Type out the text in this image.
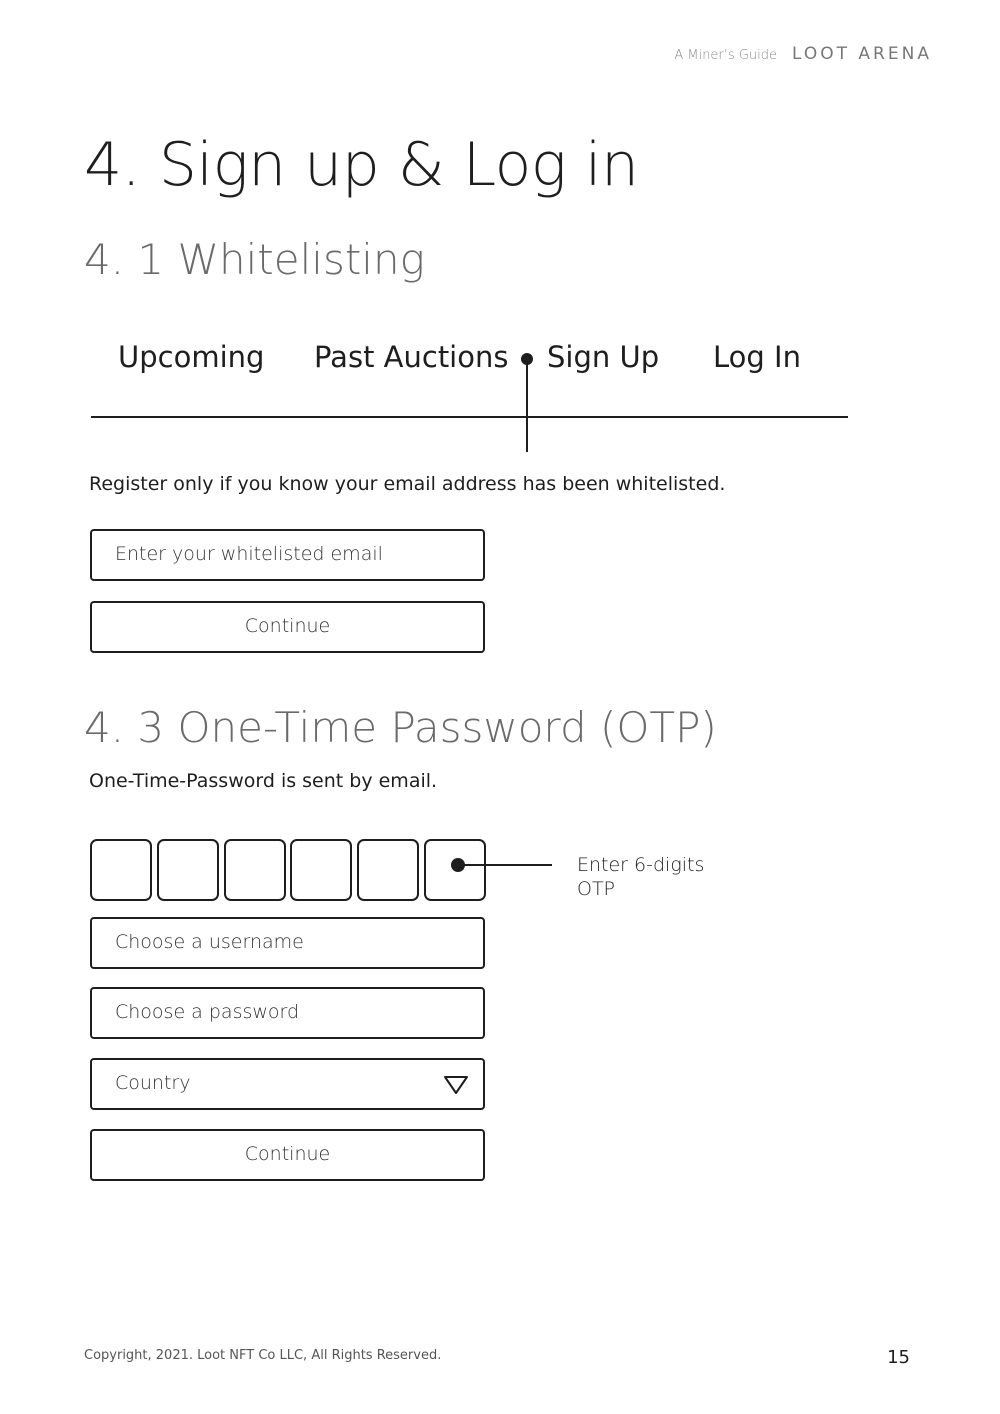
A Miner’s Guide LOOT ARENA
4. Sign up & Log in
4. 1 Whitelisting
Upcoming Past Auctions Sign Up Log In
Register only if you know your email address has been whitelisted.
Enter your whitelisted email
Continue
4. 3 One-Time Password (OTP)
One-Time-Password is sent by email.
Enter 6-digits
OTP
Choose a username
Choose a password
Country
Continue
Copyright, 2021. Loot NFT Co LLC, All Rights Reserved.	15
